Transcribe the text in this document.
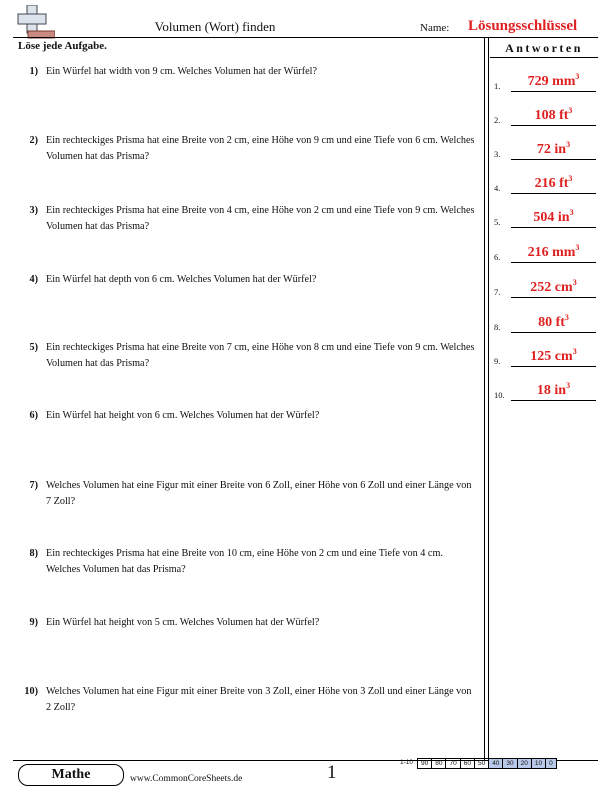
Volumen (Wort) finden	Name: Lösungsschlüssel
Löse jede Aufgabe.	Antworten
1) Ein Würfel hat width von 9 cm. Welches Volumen hat der Würfel?
2) Ein rechteckiges Prisma hat eine Breite von 2 cm, eine Höhe von 9 cm und eine Tiefe von 6 cm. Welches Volumen hat das Prisma?
3) Ein rechteckiges Prisma hat eine Breite von 4 cm, eine Höhe von 2 cm und eine Tiefe von 9 cm. Welches Volumen hat das Prisma?
4) Ein Würfel hat depth von 6 cm. Welches Volumen hat der Würfel?
5) Ein rechteckiges Prisma hat eine Breite von 7 cm, eine Höhe von 8 cm und eine Tiefe von 9 cm. Welches Volumen hat das Prisma?
6) Ein Würfel hat height von 6 cm. Welches Volumen hat der Würfel?
7) Welches Volumen hat eine Figur mit einer Breite von 6 Zoll, einer Höhe von 6 Zoll und einer Länge von 7 Zoll?
8) Ein rechteckiges Prisma hat eine Breite von 10 cm, eine Höhe von 2 cm und eine Tiefe von 4 cm. Welches Volumen hat das Prisma?
9) Ein Würfel hat height von 5 cm. Welches Volumen hat der Würfel?
10) Welches Volumen hat eine Figur mit einer Breite von 3 Zoll, einer Höhe von 3 Zoll und einer Länge von 2 Zoll?
1.	729 $mm^3$
2.	108 $ft^3$
3.	72 $in^3$
4.	216 $ft^3$
5.	504 $in^3$
6.	216 $mm^3$
7.	252 $cm^3$
8.	80 $ft^3$
9.	125 $cm^3$
10.	18 $in^3$
Mathe	www.CommonCoreSheets.de	1	1-10	90	80	70	60	50	40	30	20	10	0
